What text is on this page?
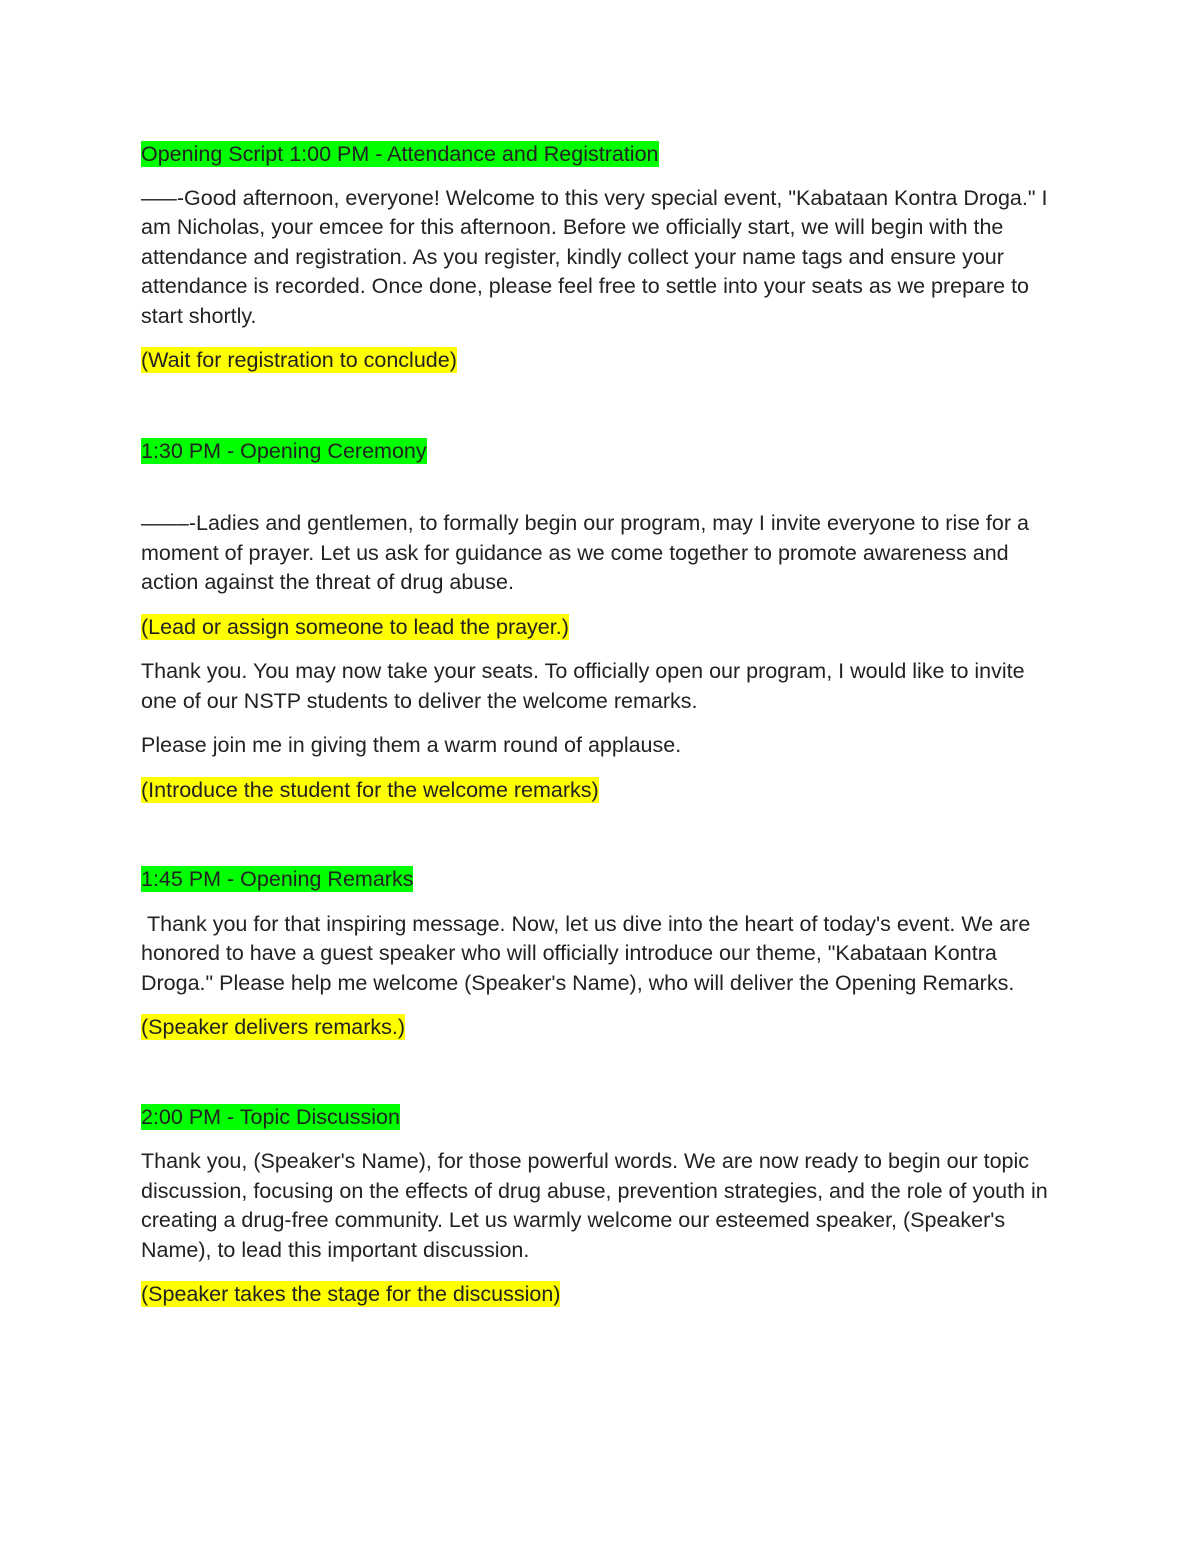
Opening Script 1:00 PM - Attendance and Registration

–––-Good afternoon, everyone! Welcome to this very special event, "Kabataan Kontra Droga." I am Nicholas, your emcee for this afternoon. Before we officially start, we will begin with the attendance and registration. As you register, kindly collect your name tags and ensure your attendance is recorded. Once done, please feel free to settle into your seats as we prepare to start shortly.

(Wait for registration to conclude)

1:30 PM - Opening Ceremony

––––-Ladies and gentlemen, to formally begin our program, may I invite everyone to rise for a moment of prayer. Let us ask for guidance as we come together to promote awareness and action against the threat of drug abuse.

(Lead or assign someone to lead the prayer.)

Thank you. You may now take your seats. To officially open our program, I would like to invite one of our NSTP students to deliver the welcome remarks.

Please join me in giving them a warm round of applause.

(Introduce the student for the welcome remarks)

1:45 PM - Opening Remarks

Thank you for that inspiring message. Now, let us dive into the heart of today's event. We are honored to have a guest speaker who will officially introduce our theme, "Kabataan Kontra Droga." Please help me welcome (Speaker's Name), who will deliver the Opening Remarks.

(Speaker delivers remarks.)

2:00 PM - Topic Discussion

Thank you, (Speaker's Name), for those powerful words. We are now ready to begin our topic discussion, focusing on the effects of drug abuse, prevention strategies, and the role of youth in creating a drug-free community. Let us warmly welcome our esteemed speaker, (Speaker's Name), to lead this important discussion.

(Speaker takes the stage for the discussion)
